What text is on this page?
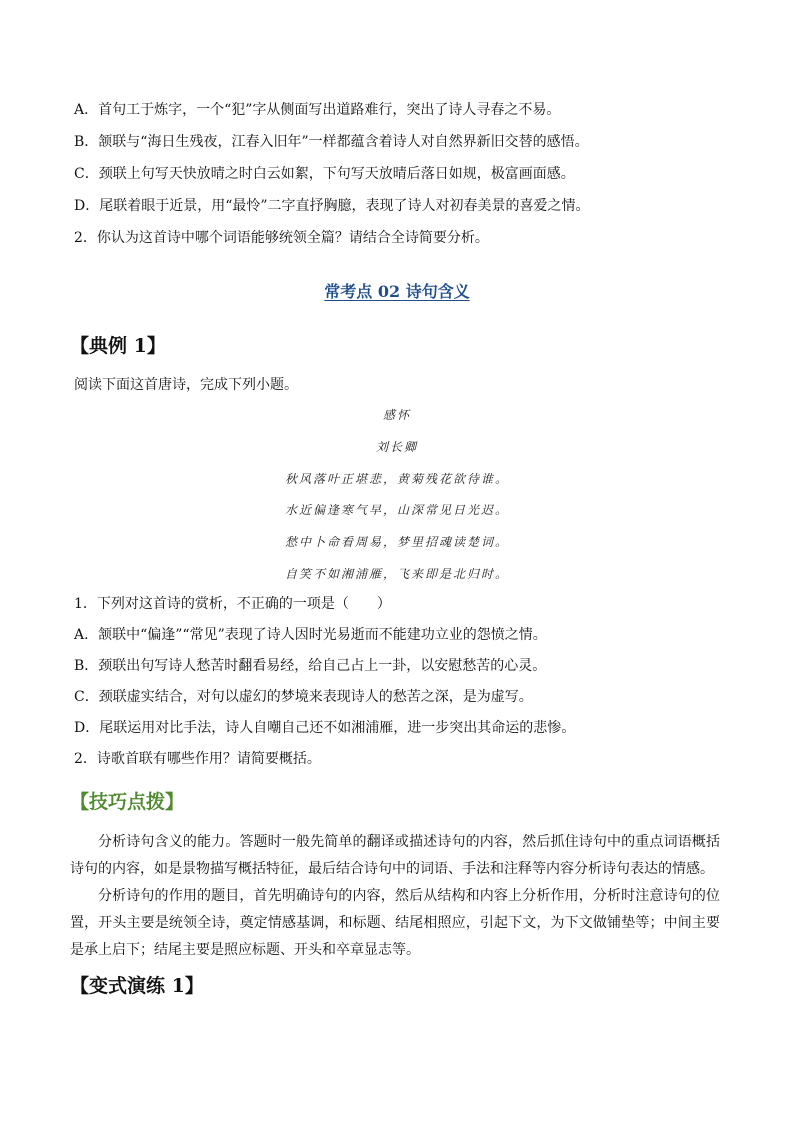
A．首句工于炼字，一个“犯”字从侧面写出道路难行，突出了诗人寻春之不易。
B．颔联与“海日生残夜，江春入旧年”一样都蕴含着诗人对自然界新旧交替的感悟。
C．颈联上句写天快放晴之时白云如絮，下句写天放晴后落日如规，极富画面感。
D．尾联着眼于近景，用“最怜”二字直抒胸臆，表现了诗人对初春美景的喜爱之情。
2．你认为这首诗中哪个词语能够统领全篇？请结合全诗简要分析。
常考点 02 诗句含义
【典例 1】
阅读下面这首唐诗，完成下列小题。
感怀
刘长卿
秋风落叶正堪悲，黄菊残花欲待谁。
水近偏逢寒气早，山深常见日光迟。
愁中卜命看周易，梦里招魂读楚词。
自笑不如湘浦雁，飞来即是北归时。
1．下列对这首诗的赏析，不正确的一项是（　　）
A．颔联中“偏逢”“常见”表现了诗人因时光易逝而不能建功立业的怨愤之情。
B．颈联出句写诗人愁苦时翻看易经，给自己占上一卦，以安慰愁苦的心灵。
C．颈联虚实结合，对句以虚幻的梦境来表现诗人的愁苦之深，是为虚写。
D．尾联运用对比手法，诗人自嘲自己还不如湘浦雁，进一步突出其命运的悲惨。
2．诗歌首联有哪些作用？请简要概括。
【技巧点拨】
分析诗句含义的能力。答题时一般先简单的翻译或描述诗句的内容，然后抓住诗句中的重点词语概括诗句的内容，如是景物描写概括特征，最后结合诗句中的词语、手法和注释等内容分析诗句表达的情感。
分析诗句的作用的题目，首先明确诗句的内容，然后从结构和内容上分析作用，分析时注意诗句的位置，开头主要是统领全诗，奠定情感基调，和标题、结尾相照应，引起下文，为下文做铺垫等；中间主要是承上启下；结尾主要是照应标题、开头和卒章显志等。
【变式演练 1】
